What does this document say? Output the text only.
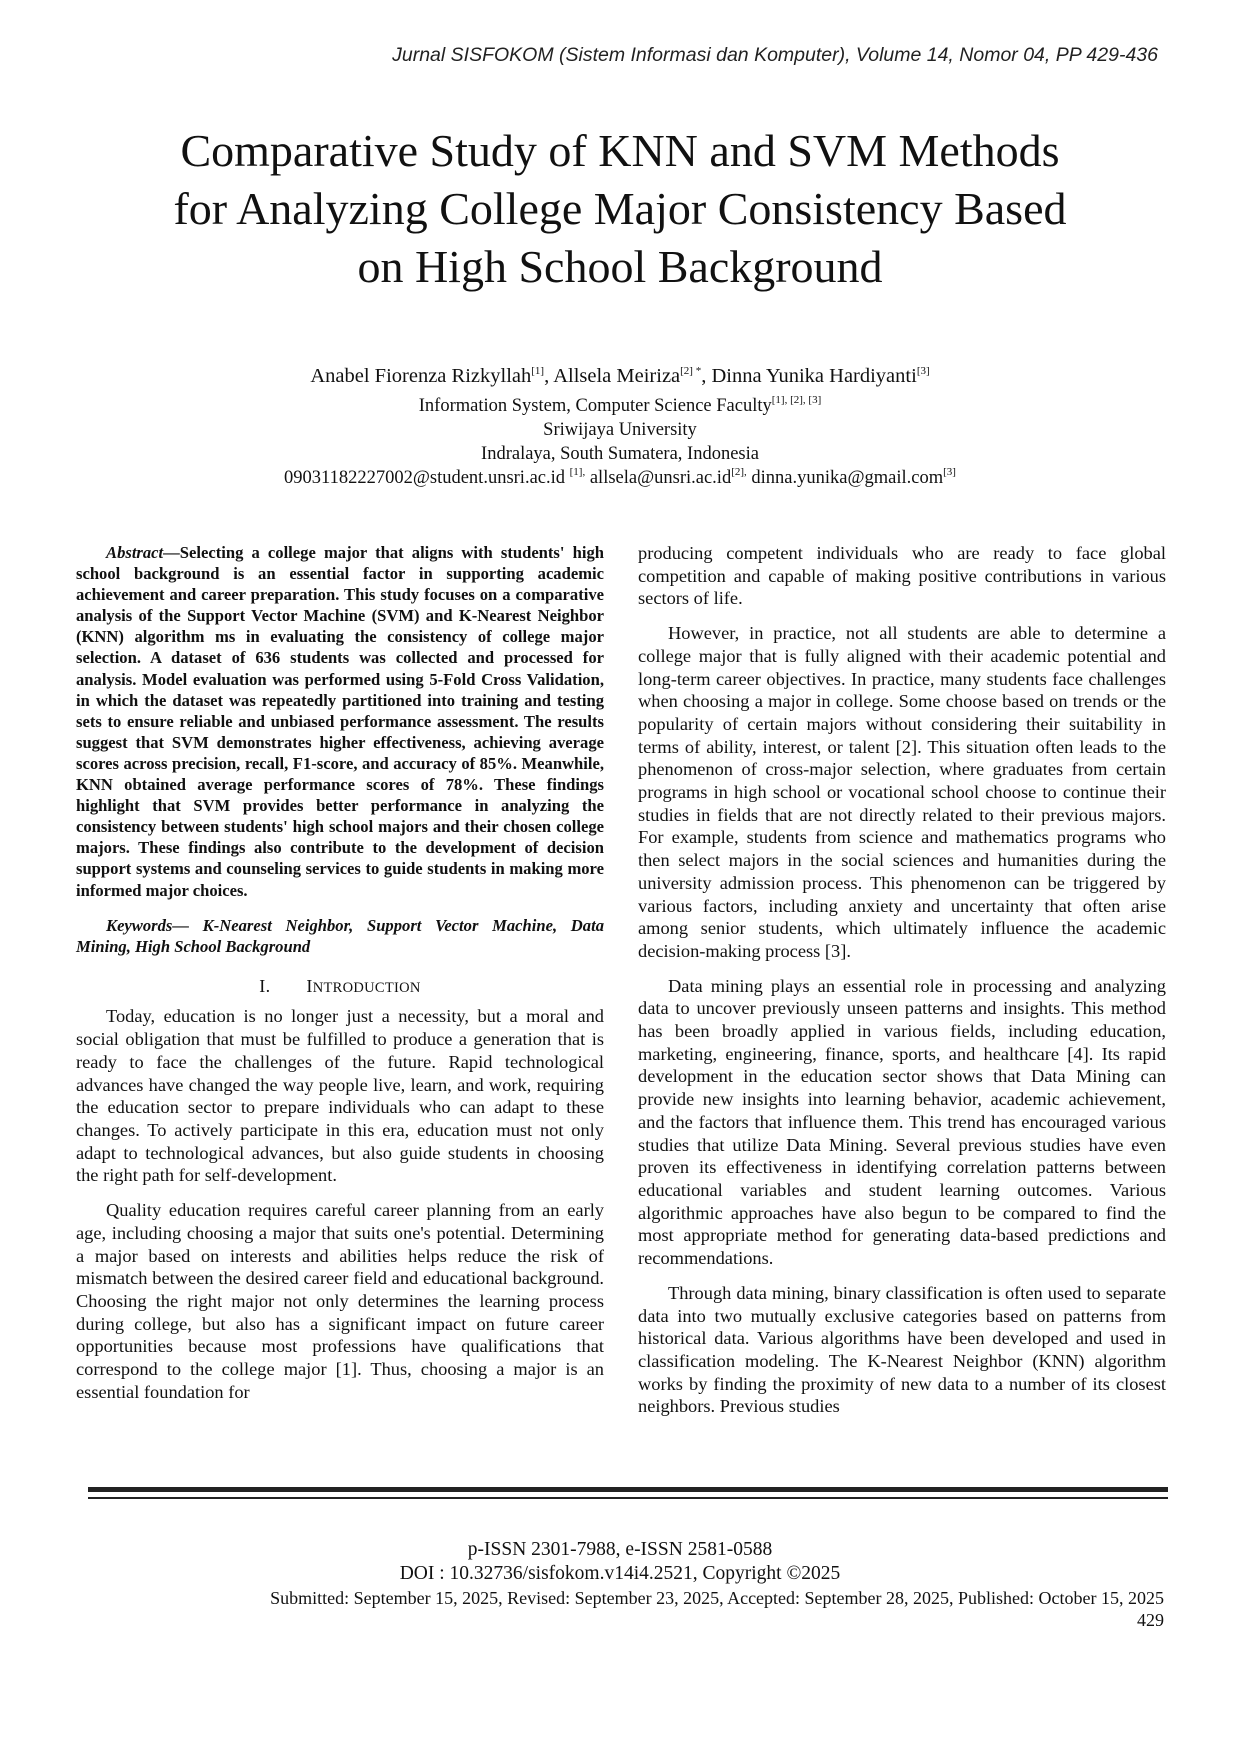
Jurnal SISFOKOM (Sistem Informasi dan Komputer), Volume 14, Nomor 04, PP 429-436
Comparative Study of KNN and SVM Methods
for Analyzing College Major Consistency Based
on High School Background
Anabel Fiorenza Rizkyllah[1], Allsela Meiriza$^{[2] *}$, Dinna Yunika Hardiyanti[3]
Information System, Computer Science Faculty[1], [2], [3]
Sriwijaya University
Indralaya, South Sumatera, Indonesia
09031182227002@student.unsri.ac.id $^{[1],}$ $allsela@unsri.ac.id^{[2],}$ dinna.yunika@gmail.com[3]

Abstract—Selecting a college major that aligns with students' high school background is an essential factor in supporting academic achievement and career preparation. This study focuses on a comparative analysis of the Support Vector Machine (SVM) and K-Nearest Neighbor (KNN) algorithm ms in evaluating the consistency of college major selection. A dataset of 636 students was collected and processed for analysis. Model evaluation was performed using 5-Fold Cross Validation, in which the dataset was repeatedly partitioned into training and testing sets to ensure reliable and unbiased performance assessment. The results suggest that SVM demonstrates higher effectiveness, achieving average scores across precision, recall, F1-score, and accuracy of 85%. Meanwhile, KNN obtained average performance scores of 78%. These findings highlight that SVM provides better performance in analyzing the consistency between students' high school majors and their chosen college majors. These findings also contribute to the development of decision support systems and counseling services to guide students in making more informed major choices.

Keywords— K-Nearest Neighbor, Support Vector Machine, Data Mining, High School Background

I. INTRODUCTION

Today, education is no longer just a necessity, but a moral and social obligation that must be fulfilled to produce a generation that is ready to face the challenges of the future. Rapid technological advances have changed the way people live, learn, and work, requiring the education sector to prepare individuals who can adapt to these changes. To actively participate in this era, education must not only adapt to technological advances, but also guide students in choosing the right path for self-development.

Quality education requires careful career planning from an early age, including choosing a major that suits one's potential. Determining a major based on interests and abilities helps reduce the risk of mismatch between the desired career field and educational background. Choosing the right major not only determines the learning process during college, but also has a significant impact on future career opportunities because most professions have qualifications that correspond to the college major [1]. Thus, choosing a major is an essential foundation for

producing competent individuals who are ready to face global competition and capable of making positive contributions in various sectors of life.

However, in practice, not all students are able to determine a college major that is fully aligned with their academic potential and long-term career objectives. In practice, many students face challenges when choosing a major in college. Some choose based on trends or the popularity of certain majors without considering their suitability in terms of ability, interest, or talent [2]. This situation often leads to the phenomenon of cross-major selection, where graduates from certain programs in high school or vocational school choose to continue their studies in fields that are not directly related to their previous majors. For example, students from science and mathematics programs who then select majors in the social sciences and humanities during the university admission process. This phenomenon can be triggered by various factors, including anxiety and uncertainty that often arise among senior students, which ultimately influence the academic decision-making process [3].

Data mining plays an essential role in processing and analyzing data to uncover previously unseen patterns and insights. This method has been broadly applied in various fields, including education, marketing, engineering, finance, sports, and healthcare [4]. Its rapid development in the education sector shows that Data Mining can provide new insights into learning behavior, academic achievement, and the factors that influence them. This trend has encouraged various studies that utilize Data Mining. Several previous studies have even proven its effectiveness in identifying correlation patterns between educational variables and student learning outcomes. Various algorithmic approaches have also begun to be compared to find the most appropriate method for generating data-based predictions and recommendations.

Through data mining, binary classification is often used to separate data into two mutually exclusive categories based on patterns from historical data. Various algorithms have been developed and used in classification modeling. The K-Nearest Neighbor (KNN) algorithm works by finding the proximity of new data to a number of its closest neighbors. Previous studies

p-ISSN 2301-7988, e-ISSN 2581-0588
DOI : 10.32736/sisfokom.v14i4.2521, Copyright ©2025
Submitted: September 15, 2025, Revised: September 23, 2025, Accepted: September 28, 2025, Published: October 15, 2025
429
